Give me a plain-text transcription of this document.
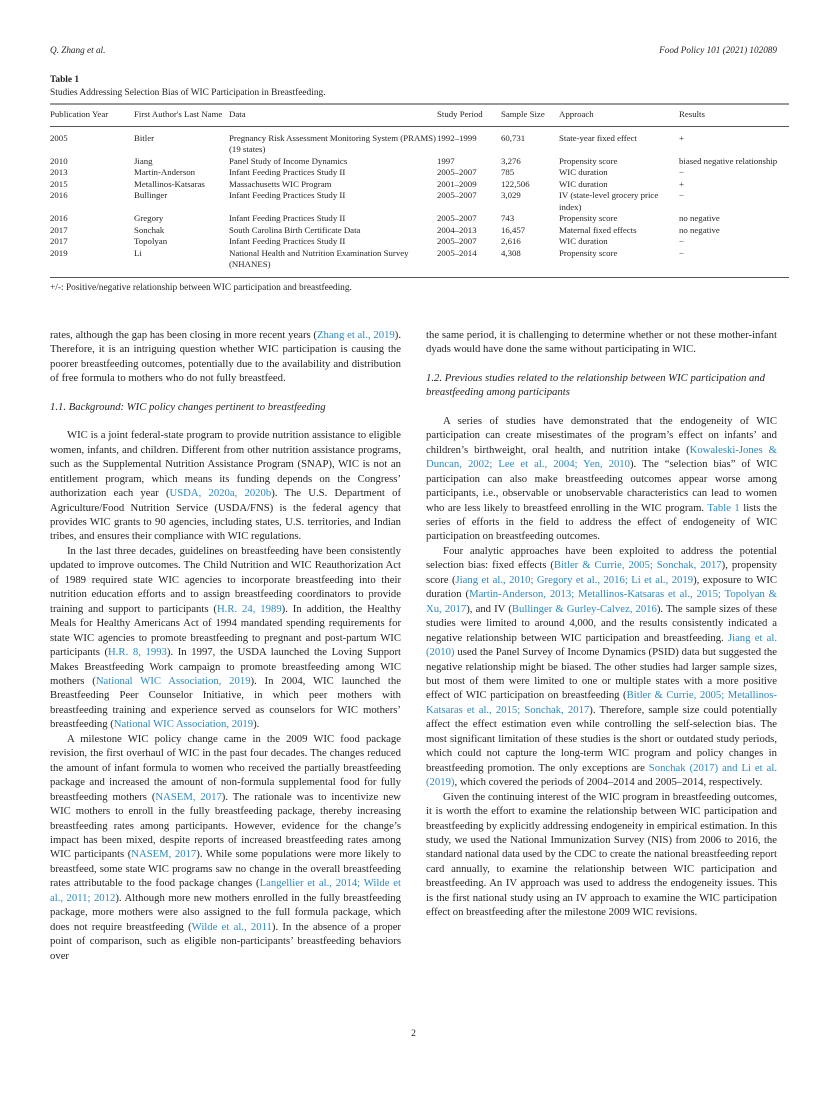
Q. Zhang et al.	Food Policy 101 (2021) 102089
Table 1
Studies Addressing Selection Bias of WIC Participation in Breastfeeding.
Publication Year	First Author's Last Name	Data	Study Period	Sample Size	Approach	Results
2005	Bitler	Pregnancy Risk Assessment Monitoring System (PRAMS) (19 states)	1992–1999	60,731	State-year fixed effect	+
2010	Jiang	Panel Study of Income Dynamics	1997	3,276	Propensity score	biased negative relationship
2013	Martin-Anderson	Infant Feeding Practices Study II	2005–2007	785	WIC duration	−
2015	Metallinos-Katsaras	Massachusetts WIC Program	2001–2009	122,506	WIC duration	+
2016	Bullinger	Infant Feeding Practices Study II	2005–2007	3,029	IV (state-level grocery price index)	−
2016	Gregory	Infant Feeding Practices Study II	2005–2007	743	Propensity score	no negative
2017	Sonchak	South Carolina Birth Certificate Data	2004–2013	16,457	Maternal fixed effects	no negative
2017	Topolyan	Infant Feeding Practices Study II	2005–2007	2,616	WIC duration	−
2019	Li	National Health and Nutrition Examination Survey (NHANES)	2005–2014	4,308	Propensity score	−
+/-: Positive/negative relationship between WIC participation and breastfeeding.

rates, although the gap has been closing in more recent years (Zhang et al., 2019). Therefore, it is an intriguing question whether WIC participation is causing the poorer breastfeeding outcomes, potentially due to the availability and distribution of free formula to mothers who do not fully breastfeed.

1.1. Background: WIC policy changes pertinent to breastfeeding

WIC is a joint federal-state program to provide nutrition assistance to eligible women, infants, and children. Different from other nutrition assistance programs, such as the Supplemental Nutrition Assistance Program (SNAP), WIC is not an entitlement program, which means its funding depends on the Congress’ authorization each year (USDA, 2020a, 2020b). The U.S. Department of Agriculture/Food Nutrition Service (USDA/FNS) is the federal agency that provides WIC grants to 90 agencies, including states, U.S. territories, and Indian tribes, and ensures their compliance with WIC regulations.

In the last three decades, guidelines on breastfeeding have been consistently updated to improve outcomes. The Child Nutrition and WIC Reauthorization Act of 1989 required state WIC agencies to incorporate breastfeeding into their nutrition education efforts and to assign breastfeeding coordinators to provide training and support to participants (H.R. 24, 1989). In addition, the Healthy Meals for Healthy Americans Act of 1994 mandated spending requirements for state WIC agencies to promote breastfeeding to pregnant and post-partum WIC participants (H.R. 8, 1993). In 1997, the USDA launched the Loving Support Makes Breastfeeding Work campaign to promote breastfeeding among WIC mothers (National WIC Association, 2019). In 2004, WIC launched the Breastfeeding Peer Counselor Initiative, in which peer mothers with breastfeeding training and experience served as counselors for WIC mothers’ breastfeeding (National WIC Association, 2019).

A milestone WIC policy change came in the 2009 WIC food package revision, the first overhaul of WIC in the past four decades. The changes reduced the amount of infant formula to women who received the partially breastfeeding package and increased the amount of non-formula supplemental food for fully breastfeeding mothers (NASEM, 2017). The rationale was to incentivize new WIC mothers to enroll in the fully breastfeeding package, thereby increasing breastfeeding rates among participants. However, evidence for the change’s impact has been mixed, despite reports of increased breastfeeding rates among WIC participants (NASEM, 2017). While some populations were more likely to breastfeed, some state WIC programs saw no change in the overall breastfeeding rates attributable to the food package changes (Langellier et al., 2014; Wilde et al., 2011; 2012). Although more new mothers enrolled in the fully breastfeeding package, more mothers were also assigned to the full formula package, which does not require breastfeeding (Wilde et al., 2011). In the absence of a proper point of comparison, such as eligible non-participants’ breastfeeding behaviors over

the same period, it is challenging to determine whether or not these mother-infant dyads would have done the same without participating in WIC.

1.2. Previous studies related to the relationship between WIC participation and breastfeeding among participants

A series of studies have demonstrated that the endogeneity of WIC participation can create misestimates of the program’s effect on infants’ and children’s birthweight, oral health, and nutrition intake (Kowaleski-Jones & Duncan, 2002; Lee et al., 2004; Yen, 2010). The “selection bias” of WIC participation can also make breastfeeding outcomes appear worse among participants, i.e., observable or unobservable characteristics can lead to women who are less likely to breastfeed enrolling in the WIC program. Table 1 lists the series of efforts in the field to address the effect of endogeneity of WIC participation on breastfeeding outcomes.

Four analytic approaches have been exploited to address the potential selection bias: fixed effects (Bitler & Currie, 2005; Sonchak, 2017), propensity score (Jiang et al., 2010; Gregory et al., 2016; Li et al., 2019), exposure to WIC duration (Martin-Anderson, 2013; Metallinos-Katsaras et al., 2015; Topolyan & Xu, 2017), and IV (Bullinger & Gurley-Calvez, 2016). The sample sizes of these studies were limited to around 4,000, and the results consistently indicated a negative relationship between WIC participation and breastfeeding. Jiang et al. (2010) used the Panel Survey of Income Dynamics (PSID) data but suggested the negative relationship might be biased. The other studies had larger sample sizes, but most of them were limited to one or multiple states with a more positive effect of WIC participation on breastfeeding (Bitler & Currie, 2005; Metallinos-Katsaras et al., 2015; Sonchak, 2017). Therefore, sample size could potentially affect the effect estimation even while controlling the self-selection bias. The most significant limitation of these studies is the short or outdated study periods, which could not capture the long-term WIC program and policy changes in breastfeeding promotion. The only exceptions are Sonchak (2017) and Li et al. (2019), which covered the periods of 2004–2014 and 2005–2014, respectively.

Given the continuing interest of the WIC program in breastfeeding outcomes, it is worth the effort to examine the relationship between WIC participation and breastfeeding by explicitly addressing endogeneity in empirical estimation. In this study, we used the National Immunization Survey (NIS) from 2006 to 2016, the standard national data used by the CDC to create the national breastfeeding report card annually, to examine the relationship between WIC participation and breastfeeding. An IV approach was used to address the endogeneity issues. This is the first national study using an IV approach to examine the WIC participation effect on breastfeeding after the milestone 2009 WIC revisions.

2
